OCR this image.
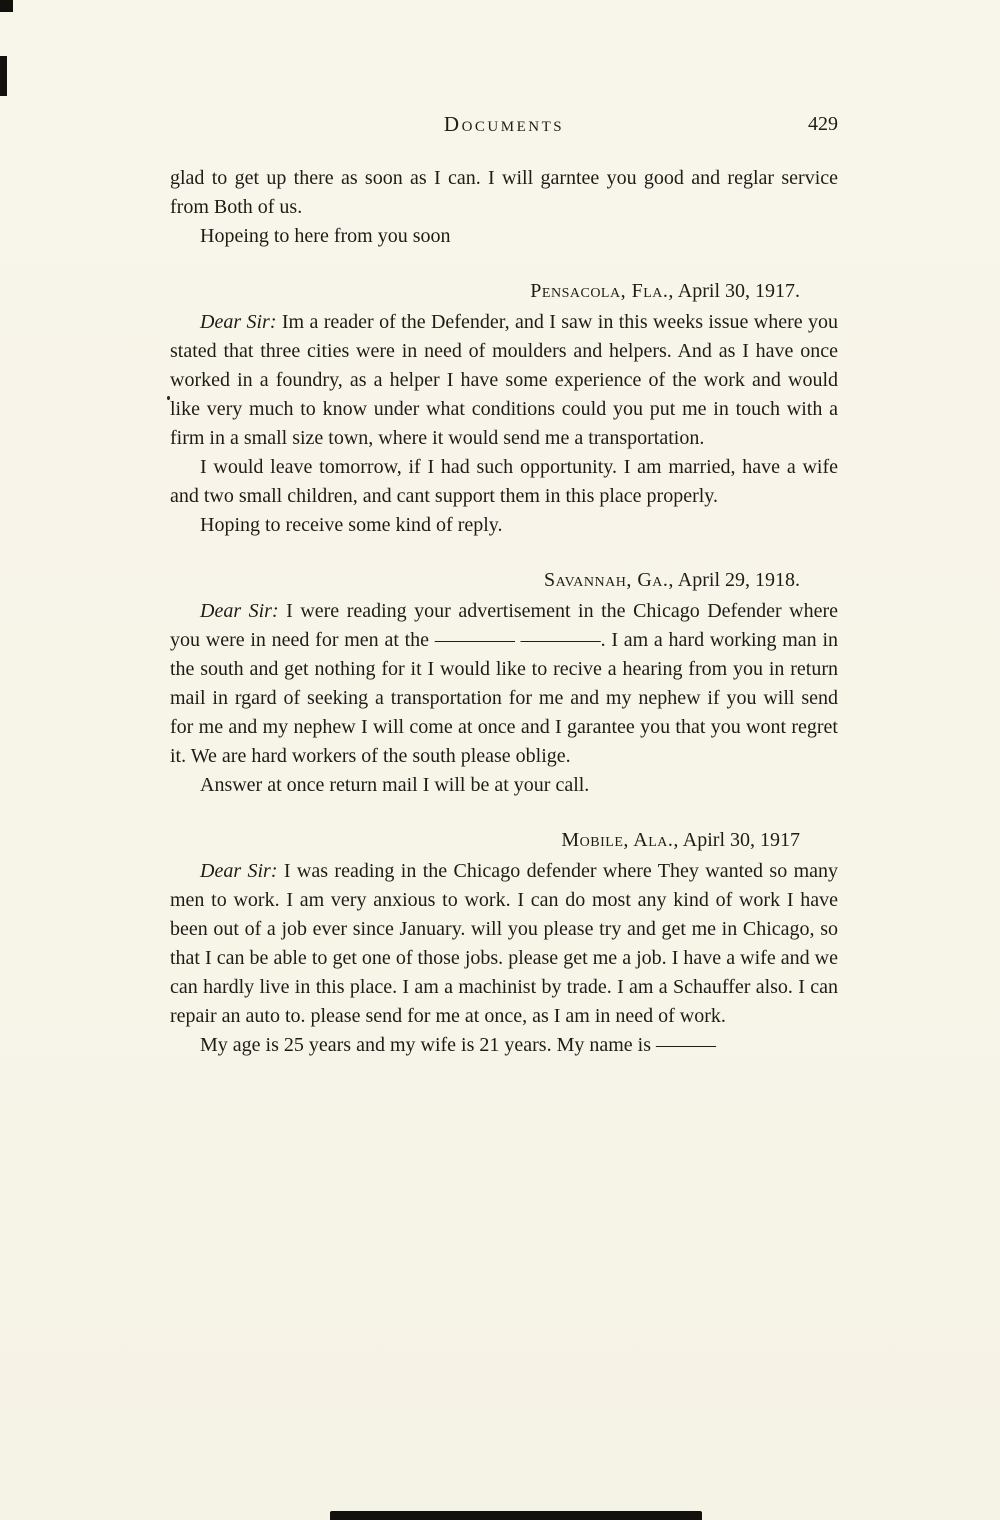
Documents	429

glad to get up there as soon as I can. I will garntee you good and reglar service from Both of us.

Hopeing to here from you soon

Pensacola, Fla., April 30, 1917.

Dear Sir: Im a reader of the Defender, and I saw in this weeks issue where you stated that three cities were in need of moulders and helpers. And as I have once worked in a foundry, as a helper I have some experience of the work and would like very much to know under what conditions could you put me in touch with a firm in a small size town, where it would send me a transportation.

I would leave tomorrow, if I had such opportunity. I am married, have a wife and two small children, and cant support them in this place properly.

Hoping to receive some kind of reply.

Savannah, Ga., April 29, 1918.

Dear Sir: I were reading your advertisement in the Chicago Defender where you were in need for men at the ———— ————. I am a hard working man in the south and get nothing for it I would like to recive a hearing from you in return mail in rgard of seeking a transportation for me and my nephew if you will send for me and my nephew I will come at once and I garantee you that you wont regret it. We are hard workers of the south please oblige.

Answer at once return mail I will be at your call.

Mobile, Ala., Apirl 30, 1917

Dear Sir: I was reading in the Chicago defender where They wanted so many men to work. I am very anxious to work. I can do most any kind of work I have been out of a job ever since January. will you please try and get me in Chicago, so that I can be able to get one of those jobs. please get me a job. I have a wife and we can hardly live in this place. I am a machinist by trade. I am a Schauffer also. I can repair an auto to. please send for me at once, as I am in need of work.

My age is 25 years and my wife is 21 years. My name is ———
